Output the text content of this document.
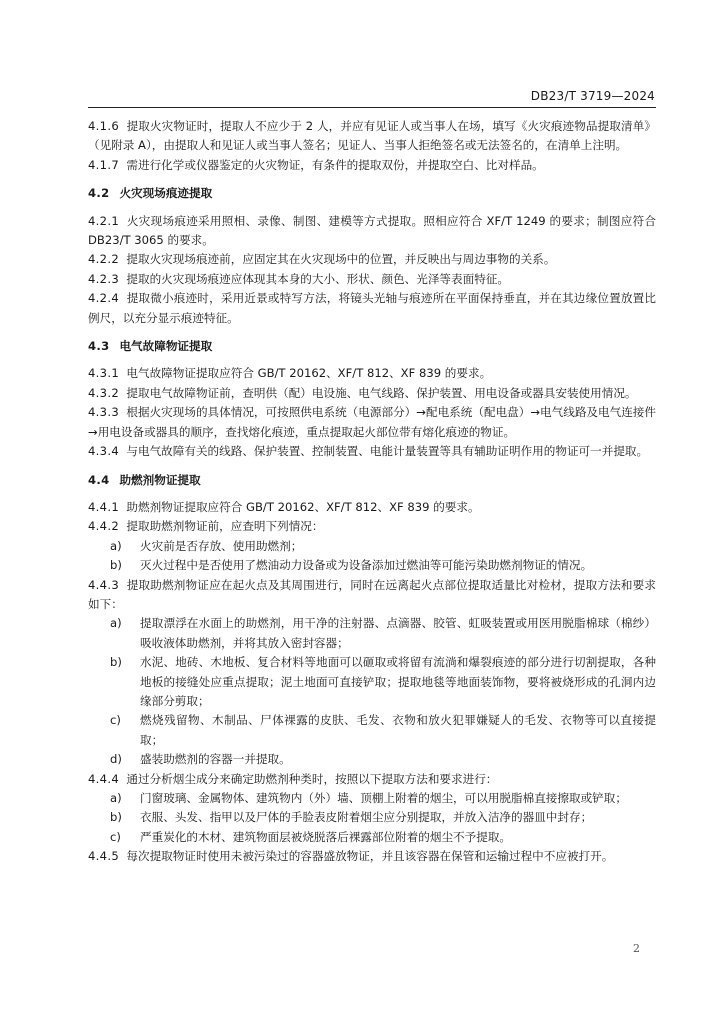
DB23/T 3719—2024

4.1.6 提取火灾物证时，提取人不应少于 2 人，并应有见证人或当事人在场，填写《火灾痕迹物品提取清单》（见附录 A），由提取人和见证人或当事人签名；见证人、当事人拒绝签名或无法签名的，在清单上注明。

4.1.7 需进行化学或仪器鉴定的火灾物证，有条件的提取双份，并提取空白、比对样品。

4.2 火灾现场痕迹提取

4.2.1 火灾现场痕迹采用照相、录像、制图、建模等方式提取。照相应符合 XF/T 1249 的要求；制图应符合 DB23/T 3065 的要求。

4.2.2 提取火灾现场痕迹前，应固定其在火灾现场中的位置，并反映出与周边事物的关系。

4.2.3 提取的火灾现场痕迹应体现其本身的大小、形状、颜色、光泽等表面特征。

4.2.4 提取微小痕迹时，采用近景或特写方法，将镜头光轴与痕迹所在平面保持垂直，并在其边缘位置放置比例尺，以充分显示痕迹特征。

4.3 电气故障物证提取

4.3.1 电气故障物证提取应符合 GB/T 20162、XF/T 812、XF 839 的要求。

4.3.2 提取电气故障物证前，查明供（配）电设施、电气线路、保护装置、用电设备或器具安装使用情况。

4.3.3 根据火灾现场的具体情况，可按照供电系统（电源部分）→配电系统（配电盘）→电气线路及电气连接件→用电设备或器具的顺序，查找熔化痕迹，重点提取起火部位带有熔化痕迹的物证。

4.3.4 与电气故障有关的线路、保护装置、控制装置、电能计量装置等具有辅助证明作用的物证可一并提取。

4.4 助燃剂物证提取

4.4.1 助燃剂物证提取应符合 GB/T 20162、XF/T 812、XF 839 的要求。

4.4.2 提取助燃剂物证前，应查明下列情况：

a) 火灾前是否存放、使用助燃剂；

b) 灭火过程中是否使用了燃油动力设备或为设备添加过燃油等可能污染助燃剂物证的情况。

4.4.3 提取助燃剂物证应在起火点及其周围进行，同时在远离起火点部位提取适量比对检材，提取方法和要求如下：

a) 提取漂浮在水面上的助燃剂，用干净的注射器、点滴器、胶管、虹吸装置或用医用脱脂棉球（棉纱）吸收液体助燃剂，并将其放入密封容器；

b) 水泥、地砖、木地板、复合材料等地面可以砸取或将留有流淌和爆裂痕迹的部分进行切割提取，各种地板的接缝处应重点提取；泥土地面可直接铲取；提取地毯等地面装饰物，要将被烧形成的孔洞内边缘部分剪取；

c) 燃烧残留物、木制品、尸体裸露的皮肤、毛发、衣物和放火犯罪嫌疑人的毛发、衣物等可以直接提取；

d) 盛装助燃剂的容器一并提取。

4.4.4 通过分析烟尘成分来确定助燃剂种类时，按照以下提取方法和要求进行：

a) 门窗玻璃、金属物体、建筑物内（外）墙、顶棚上附着的烟尘，可以用脱脂棉直接擦取或铲取；

b) 衣服、头发、指甲以及尸体的手脸表皮附着烟尘应分别提取，并放入洁净的器皿中封存；

c) 严重炭化的木材、建筑物面层被烧脱落后裸露部位附着的烟尘不予提取。

4.4.5 每次提取物证时使用未被污染过的容器盛放物证，并且该容器在保管和运输过程中不应被打开。

2
